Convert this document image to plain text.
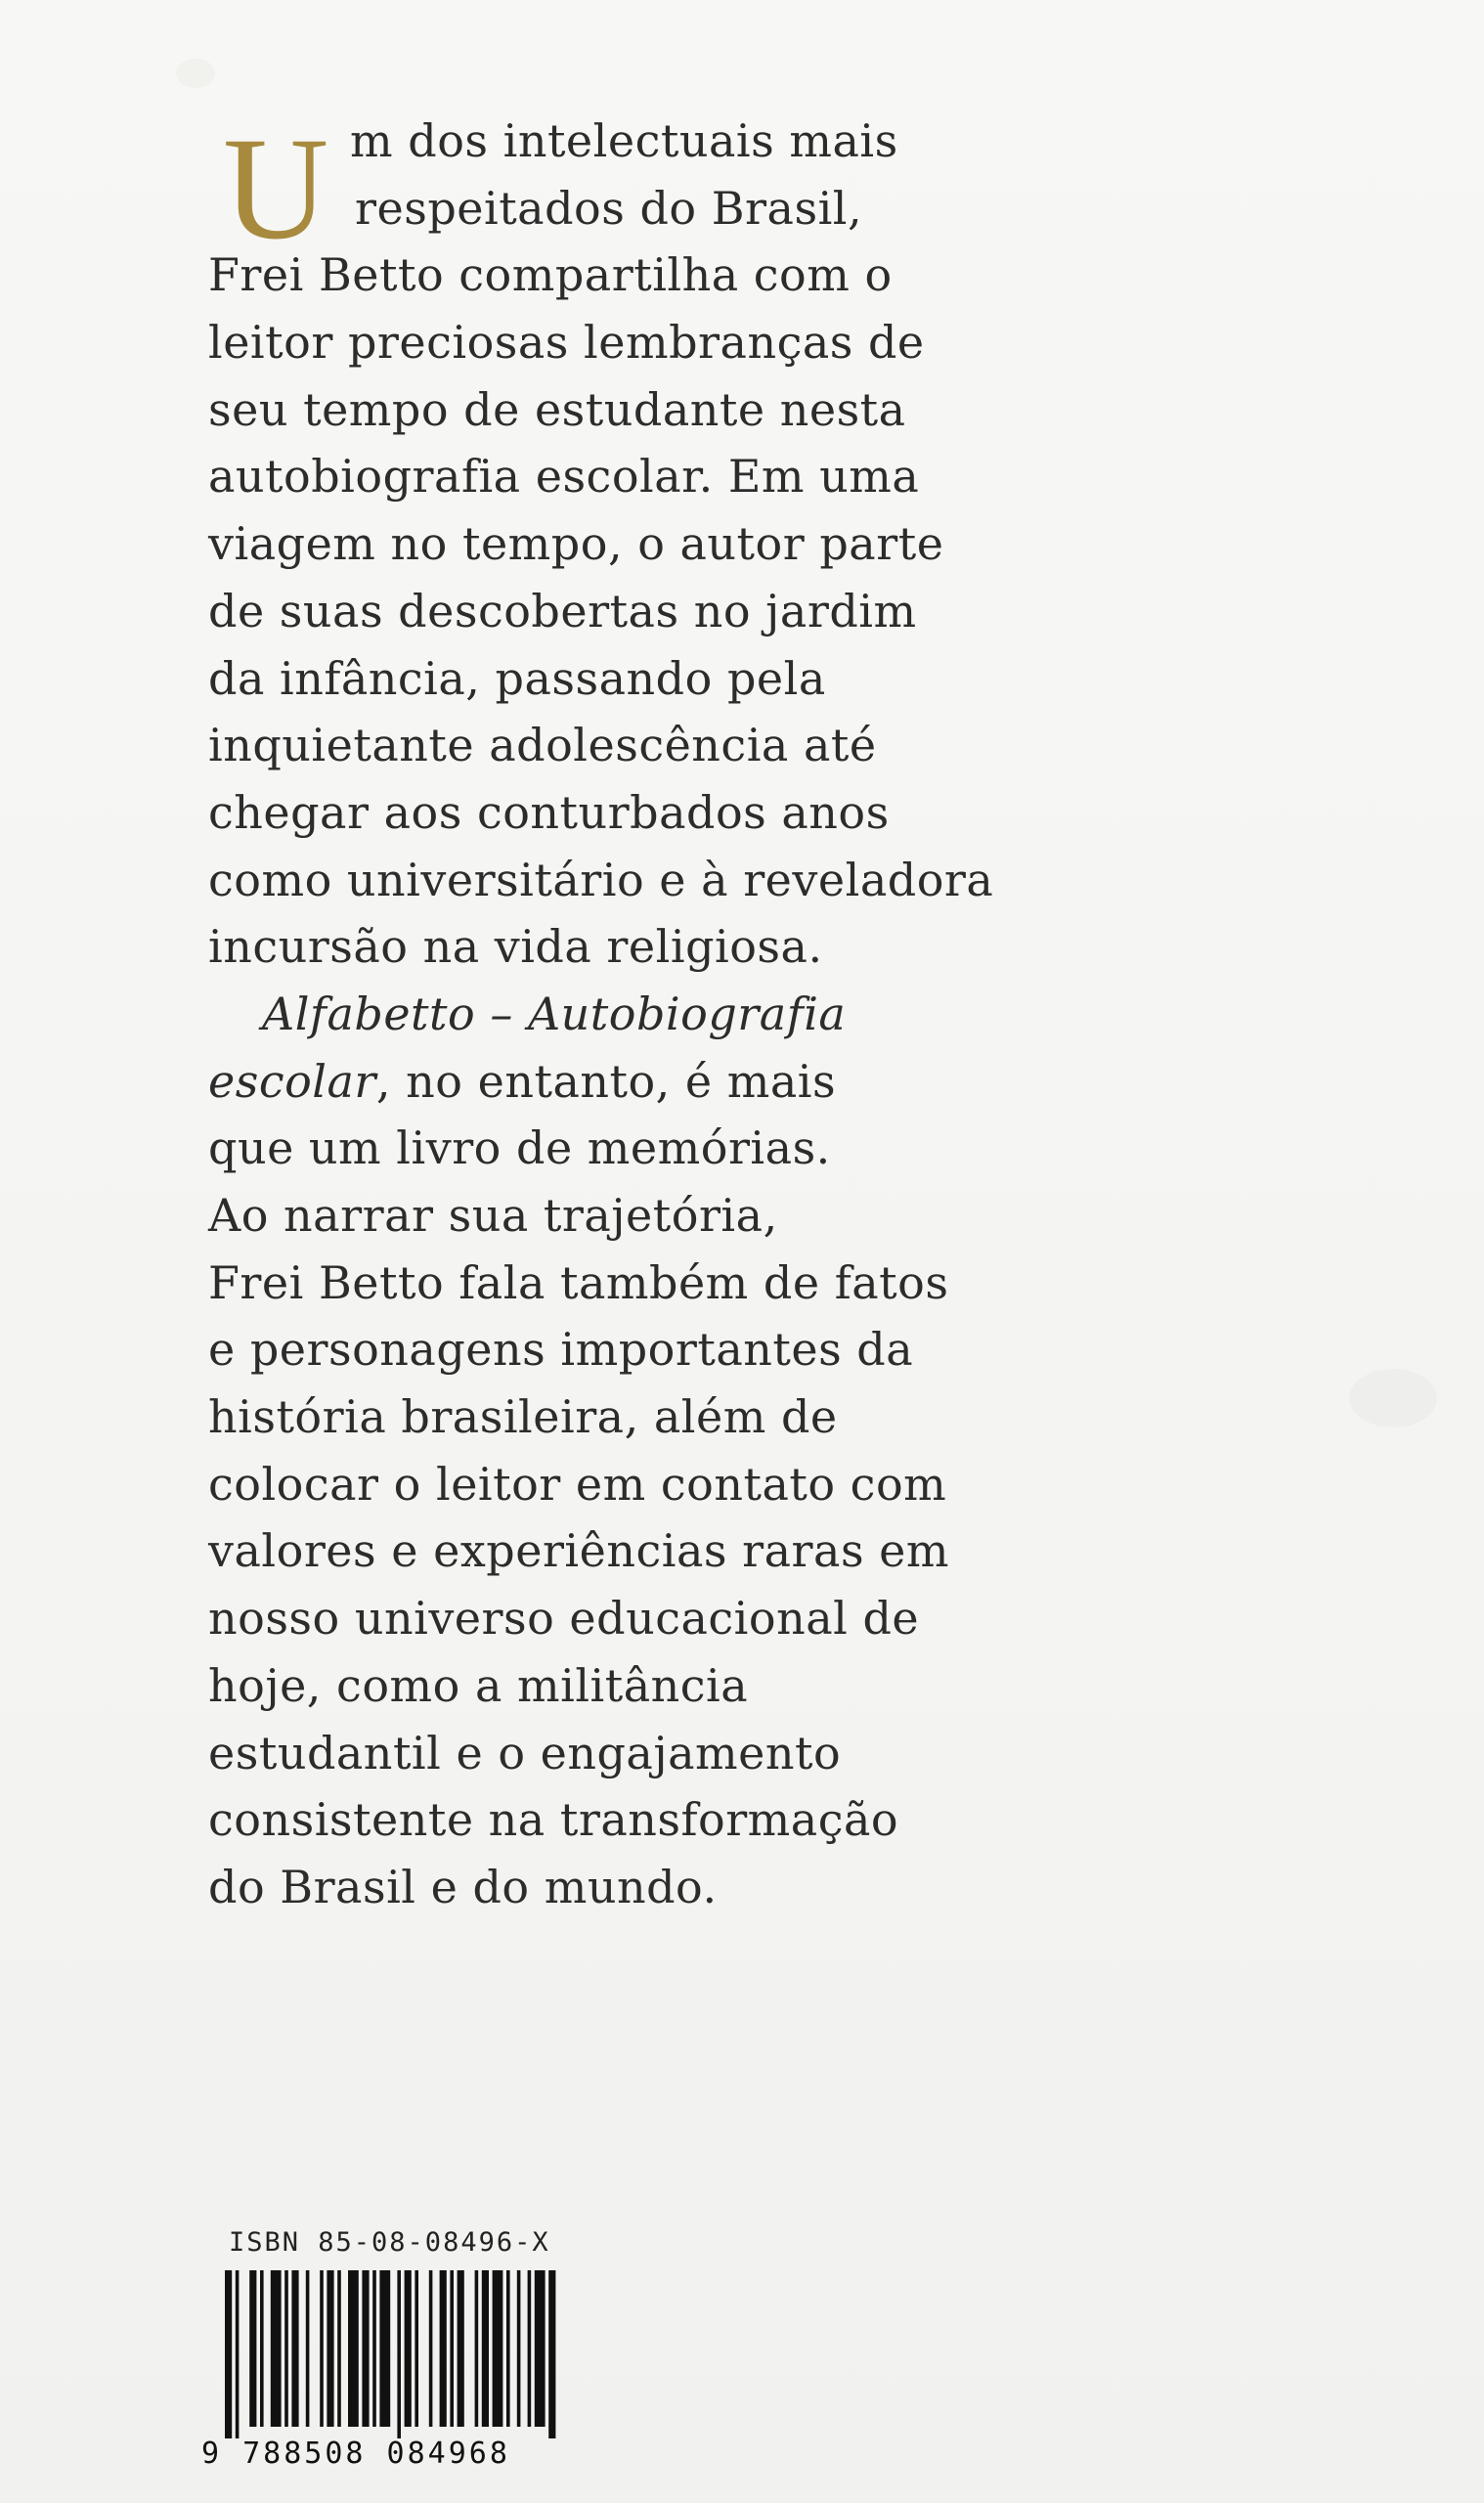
U m dos intelectuais mais
respeitados do Brasil,
Frei Betto compartilha com o
leitor preciosas lembranças de
seu tempo de estudante nesta
autobiografia escolar. Em uma
viagem no tempo, o autor parte
de suas descobertas no jardim
da infância, passando pela
inquietante adolescência até
chegar aos conturbados anos
como universitário e à reveladora
incursão na vida religiosa.
Alfabetto – Autobiografia
escolar, no entanto, é mais
que um livro de memórias.
Ao narrar sua trajetória,
Frei Betto fala também de fatos
e personagens importantes da
história brasileira, além de
colocar o leitor em contato com
valores e experiências raras em
nosso universo educacional de
hoje, como a militância
estudantil e o engajamento
consistente na transformação
do Brasil e do mundo.
ISBN 85-08-08496-X
9 788508 084968
